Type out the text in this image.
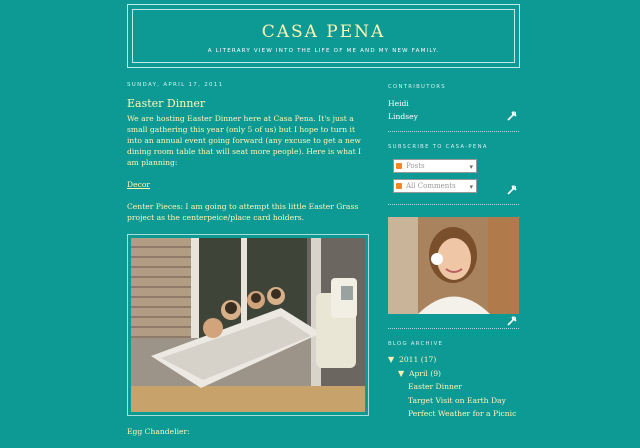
CASA PENA
A LITERARY VIEW INTO THE LIFE OF ME AND MY NEW FAMILY.
SUNDAY, APRIL 17, 2011
Easter Dinner

We are hosting Easter Dinner here at Casa Pena. It's just a small gathering this year (only 5 of us) but I hope to turn it into an annual event going forward (any excuse to get a new dining room table that will seat more people). Here is what I am planning:

Decor

Center Pieces: I am going to attempt this little Easter Grass project as the centerpeice/place card holders.

Egg Chandelier:

CONTRIBUTORS
Heidi
Lindsey
SUBSCRIBE TO CASA-PENA
Posts	▾
All Comments ▾
BLOG ARCHIVE
▼ 2011 (17)
▼ April (9)
Easter Dinner
Target Visit on Earth Day
Perfect Weather for a Picnic
